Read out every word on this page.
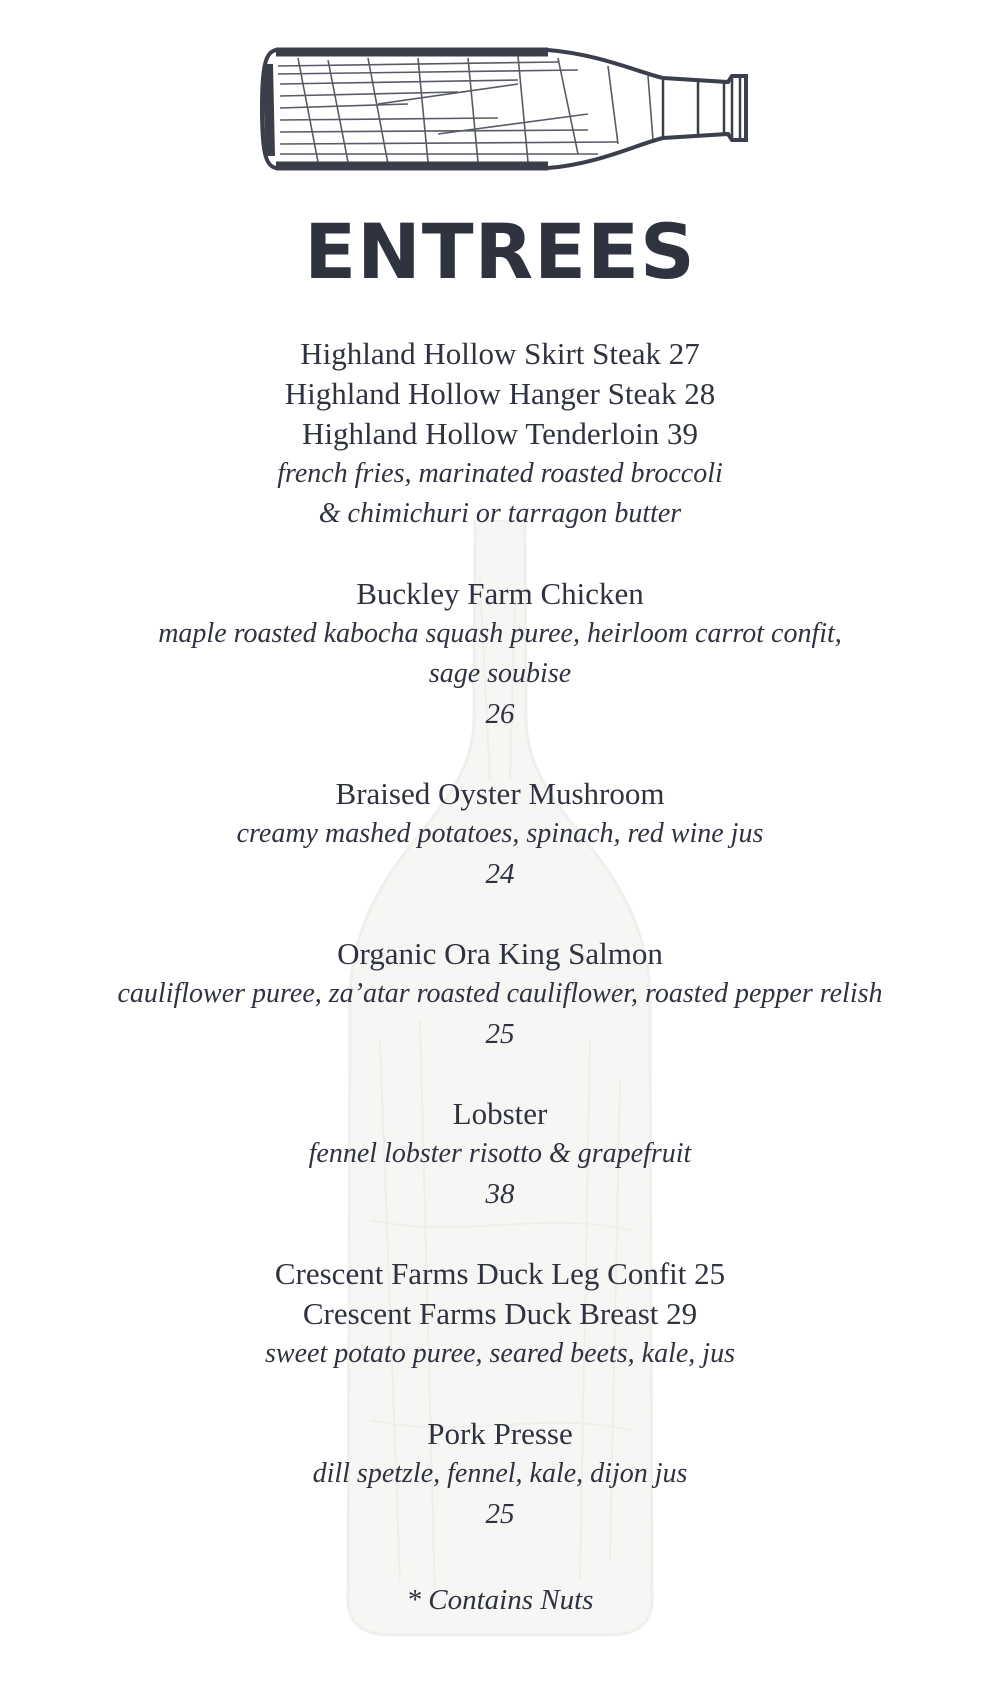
ENTREES
Highland Hollow Skirt Steak 27
Highland Hollow Hanger Steak 28
Highland Hollow Tenderloin 39
french fries, marinated roasted broccoli
& chimichuri or tarragon butter
Buckley Farm Chicken
maple roasted kabocha squash puree, heirloom carrot confit,
sage soubise
26
Braised Oyster Mushroom
creamy mashed potatoes, spinach, red wine jus
24
Organic Ora King Salmon
cauliflower puree, za’atar roasted cauliflower, roasted pepper relish
25
Lobster
fennel lobster risotto & grapefruit
38
Crescent Farms Duck Leg Confit 25
Crescent Farms Duck Breast 29
sweet potato puree, seared beets, kale, jus
Pork Presse
dill spetzle, fennel, kale, dijon jus
25
* Contains Nuts
